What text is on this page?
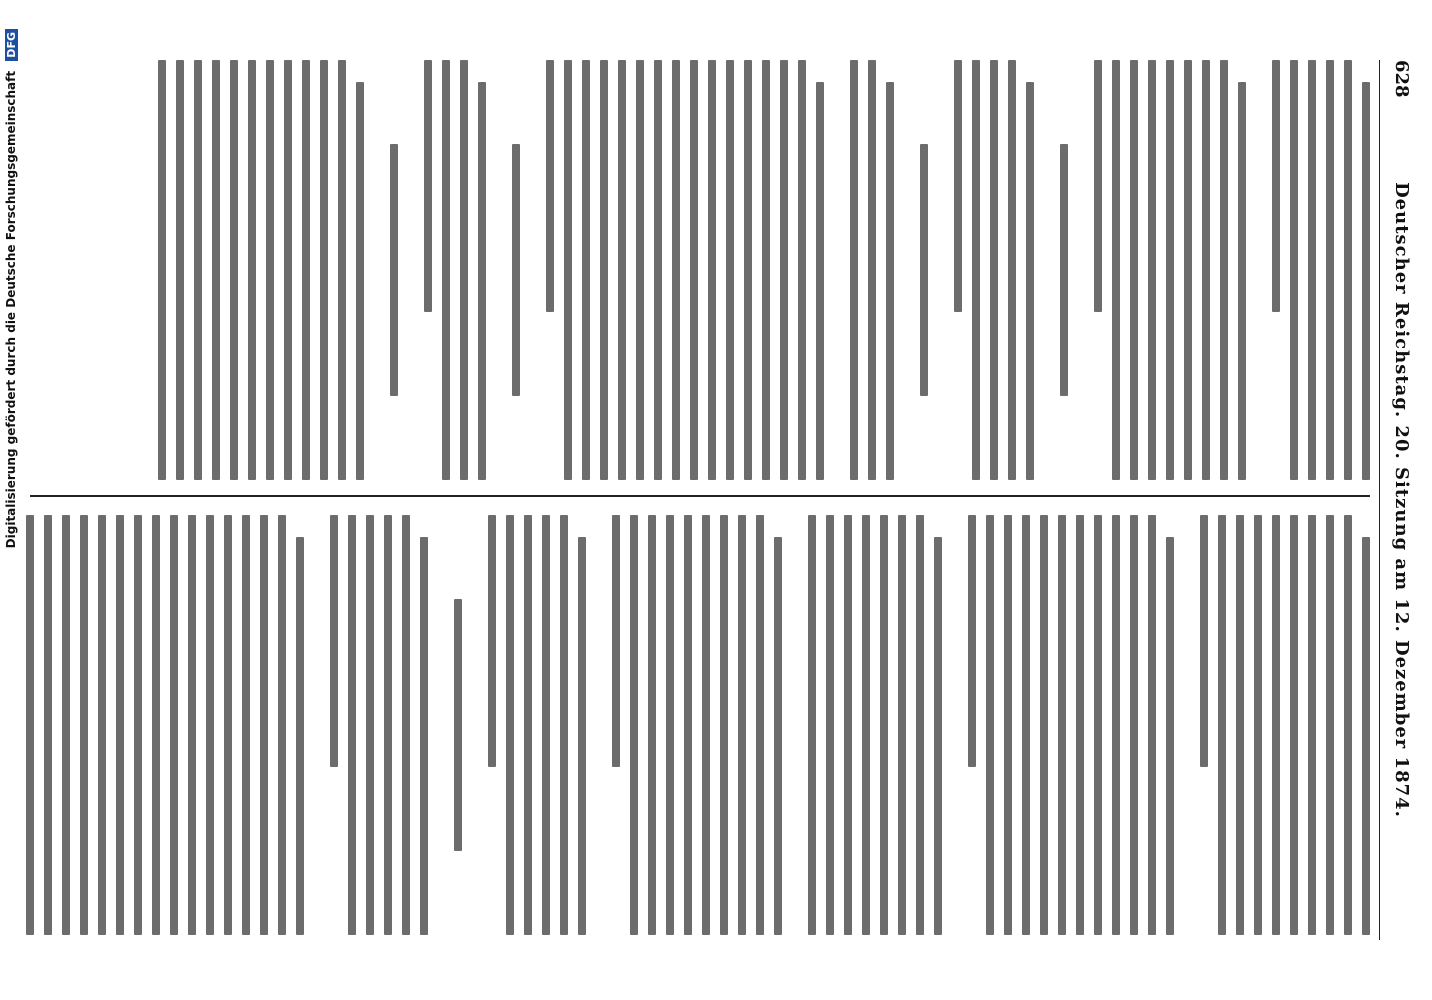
628
Deutscher Reichstag. 20. Sitzung am 12. Dezember 1874.
Digitalisierung gefördert durch die Deutsche Forschungsgemeinschaft DFG
